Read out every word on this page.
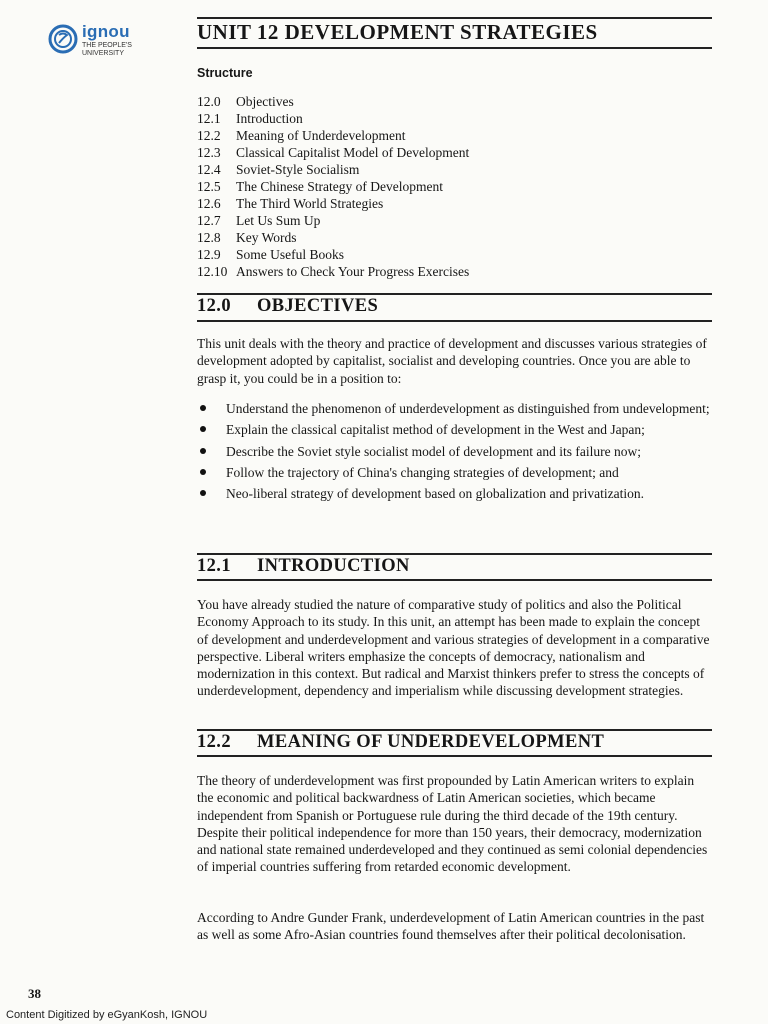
ignou
THE PEOPLE'S
UNIVERSITY
UNIT 12 DEVELOPMENT STRATEGIES
Structure
12.0 Objectives
12.1 Introduction
12.2 Meaning of Underdevelopment
12.3 Classical Capitalist Model of Development
12.4 Soviet-Style Socialism
12.5 The Chinese Strategy of Development
12.6 The Third World Strategies
12.7 Let Us Sum Up
12.8 Key Words
12.9 Some Useful Books
12.10 Answers to Check Your Progress Exercises
12.0 OBJECTIVES

This unit deals with the theory and practice of development and discusses various strategies of development adopted by capitalist, socialist and developing countries. Once you are able to grasp it, you could be in a position to:

Understand the phenomenon of underdevelopment as distinguished from undevelopment;
Explain the classical capitalist method of development in the West and Japan;
Describe the Soviet style socialist model of development and its failure now;
Follow the trajectory of China's changing strategies of development; and
Neo-liberal strategy of development based on globalization and privatization.
12.1 INTRODUCTION

You have already studied the nature of comparative study of politics and also the Political Economy Approach to its study. In this unit, an attempt has been made to explain the concept of development and underdevelopment and various strategies of development in a comparative perspective. Liberal writers emphasize the concepts of democracy, nationalism and modernization in this context. But radical and Marxist thinkers prefer to stress the concepts of underdevelopment, dependency and imperialism while discussing development strategies.

12.2 MEANING OF UNDERDEVELOPMENT

The theory of underdevelopment was first propounded by Latin American writers to explain the economic and political backwardness of Latin American societies, which became independent from Spanish or Portuguese rule during the third decade of the 19th century. Despite their political independence for more than 150 years, their democracy, modernization and national state remained underdeveloped and they continued as semi colonial dependencies of imperial countries suffering from retarded economic development.

According to Andre Gunder Frank, underdevelopment of Latin American countries in the past as well as some Afro-Asian countries found themselves after their political decolonisation.

38
Content Digitized by eGyanKosh, IGNOU
